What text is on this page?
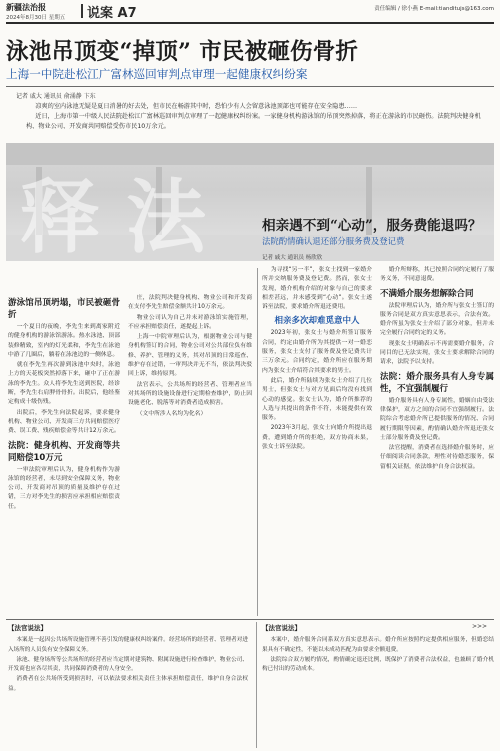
新疆法治报
2024年8月30日 星期五 说案 A7	责任编辑 / 徐小燕 E-mail:tianditujs@163.com
泳池吊顶变“掉顶” 市民被砸伤骨折
上海一中院赴松江广富林巡回审判点审理一起健康权纠纷案
记者 戚大 通讯员 俞涌静 卞东

凉爽的室内泳池无疑是夏日消暑的好去处，但市民在畅游其中时，恐怕少有人会留意泳池顶部也可能存在安全隐患……

近日，上海市第一中级人民法院赴松江广富林巡回审判点审理了一起健康权纠纷案。一家健身机构游泳馆的吊顶突然掉落，将正在游泳的市民砸伤。法院判决健身机构、物业公司、开发商共同赔偿受伤市民10万余元。

释法
游泳馆吊顶坍塌，市民被砸骨折

一个夏日的夜晚，李先生来到离家附近的健身机构的游泳馆游泳。热水泳池、顶部装修精致，室内的灯光柔和，李先生在泳池中游了几圈后，躺着在泳池边的一侧休息。

就在李先生再次游到泳池中央时，泳池上方的天花板突然掉落下来，砸中了正在游泳的李先生。众人将李先生送到医院，经诊断，李先生右肩胛骨骨折。出院后，他经鉴定构成十级伤残。

出院后，李先生向法院起诉，要求健身机构、物业公司、开发商三方共同赔偿医疗费、误工费、残疾赔偿金等共计12万余元。

法院：健身机构、开发商等共同赔偿10万元

一审法院审理后认为，健身机构作为游泳馆的经营者，未尽到安全保障义务，物业公司、开发商对吊顶的质量及维护存在过错，三方对李先生的损害应承担相应赔偿责任。

庄，法院判决健身机构、物业公司和开发商在支付李先生赔偿金额共计10万余元。

物业公司认为自己并未对游泳馆实施管理，不应承担赔偿责任，遂提起上诉。

上海一中院审理后认为，根据物业公司与健身机构签订的合同，物业公司对公共部位负有维修、养护、管理的义务，其对吊顶的日常巡查、维护存在过错，一审判决并无不当，依法判决驳回上诉，维持原判。

法官表示，公共场所的经营者、管理者应当对其场所的设施设备进行定期检查维护，防止因设施老化、脱落等对消费者造成损害。

（文中所涉人名均为化名）

相亲遇不到“心动”，服务费能退吗？
法院酌情确认退还部分服务费及登记费
记者 戚大 通讯员 杨欣欣

为寻找“另一半”，张女士找到一家婚介所并交纳服务费及登记费。然而，张女士发现，婚介机构介绍的对象与自己的要求相差甚远，并未感受到“心动”。张女士遂诉至法院，要求婚介所退还费用。

相亲多次却难觅意中人

2023年初，张女士与婚介所签订服务合同，约定由婚介所为其提供一对一婚恋服务，张女士支付了服务费及登记费共计三万余元。合同约定，婚介所应在服务期内为张女士介绍符合其要求的男士。

此后，婚介所陆续为张女士介绍了几位男士，但张女士与对方见面后均没有找到心动的感觉。张女士认为，婚介所推荐的人选与其提出的条件不符，未能提供有效服务。

2023年3月起，张女士向婚介所提出退费，遭到婚介所的拒绝，双方协商未果，张女士诉至法院。

婚介所辩称，其已按照合同约定履行了服务义务，不同意退费。

不满婚介服务想解除合同

法院审理后认为，婚介所与张女士签订的服务合同是双方真实意思表示，合法有效。婚介所虽为张女士介绍了部分对象，但并未完全履行合同约定的义务。

现张女士明确表示不再需要婚介服务，合同目的已无法实现，张女士要求解除合同的请求，法院予以支持。

法院：婚介服务具有人身专属性，不宜强制履行

婚介服务具有人身专属性，婚姻自由受法律保护，双方之间的合同不宜强制履行。法院综合考虑婚介所已提供服务的情况、合同履行期限等因素，酌情确认婚介所退还张女士部分服务费及登记费。

法官提醒，消费者在选择婚介服务时，应仔细阅读合同条款，理性对待婚恋服务，保留相关证据，依法维护自身合法权益。

【法官说法】

本案是一起因公共场所设施管理不善引发的健康权纠纷案件。经营场所的经营者、管理者对进入场所的人员负有安全保障义务。

泳池、健身场所等公共场所的经营者应当定期对建筑物、附属设施进行检查维护，物业公司、开发商也应各尽其责，共同保障消费者的人身安全。

消费者在公共场所受到损害时，可以依法要求相关责任主体承担赔偿责任，维护自身合法权益。

【法官说法】	>>>

本案中，婚介服务合同系双方真实意思表示。婚介所应按照约定提供相应服务，但婚恋结果具有不确定性，不能以未成功匹配为由要求全额退费。

法院综合双方履约情况，酌情确定退还比例，既保护了消费者合法权益，也兼顾了婚介机构已付出的劳动成本。
